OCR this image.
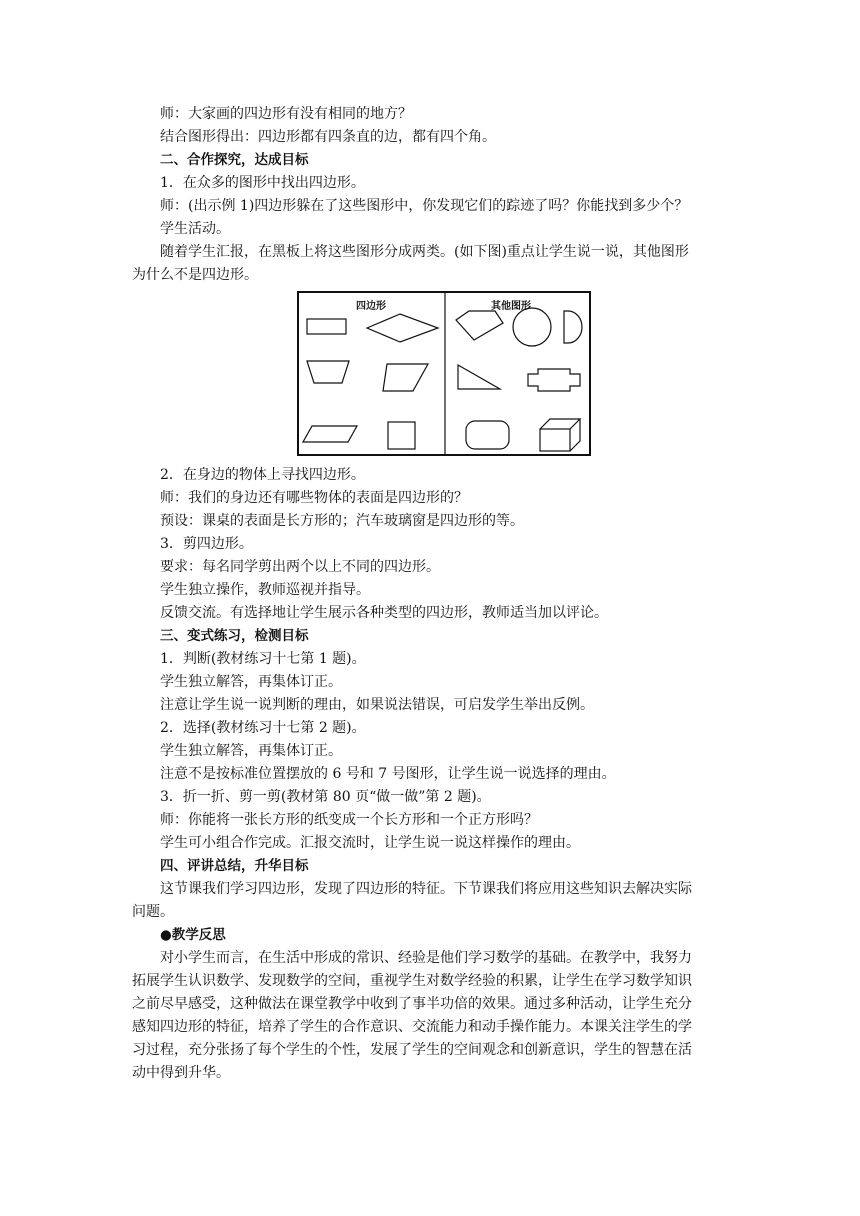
师：大家画的四边形有没有相同的地方？
结合图形得出：四边形都有四条直的边，都有四个角。
二、合作探究，达成目标
1．在众多的图形中找出四边形。
师：(出示例 1)四边形躲在了这些图形中，你发现它们的踪迹了吗？你能找到多少个？
学生活动。
随着学生汇报，在黑板上将这些图形分成两类。(如下图)重点让学生说一说，其他图形
为什么不是四边形。
四边形	其他图形
2．在身边的物体上寻找四边形。
师：我们的身边还有哪些物体的表面是四边形的？
预设：课桌的表面是长方形的；汽车玻璃窗是四边形的等。
3．剪四边形。
要求：每名同学剪出两个以上不同的四边形。
学生独立操作，教师巡视并指导。
反馈交流。有选择地让学生展示各种类型的四边形，教师适当加以评论。
三、变式练习，检测目标
1．判断(教材练习十七第 1 题)。
学生独立解答，再集体订正。
注意让学生说一说判断的理由，如果说法错误，可启发学生举出反例。
2．选择(教材练习十七第 2 题)。
学生独立解答，再集体订正。
注意不是按标准位置摆放的 6 号和 7 号图形，让学生说一说选择的理由。
3．折一折、剪一剪(教材第 80 页“做一做”第 2 题)。
师：你能将一张长方形的纸变成一个长方形和一个正方形吗？
学生可小组合作完成。汇报交流时，让学生说一说这样操作的理由。
四、评讲总结，升华目标
这节课我们学习四边形，发现了四边形的特征。下节课我们将应用这些知识去解决实际
问题。
●教学反思
对小学生而言，在生活中形成的常识、经验是他们学习数学的基础。在教学中，我努力
拓展学生认识数学、发现数学的空间，重视学生对数学经验的积累，让学生在学习数学知识
之前尽早感受，这种做法在课堂教学中收到了事半功倍的效果。通过多种活动，让学生充分
感知四边形的特征，培养了学生的合作意识、交流能力和动手操作能力。本课关注学生的学
习过程，充分张扬了每个学生的个性，发展了学生的空间观念和创新意识，学生的智慧在活
动中得到升华。
